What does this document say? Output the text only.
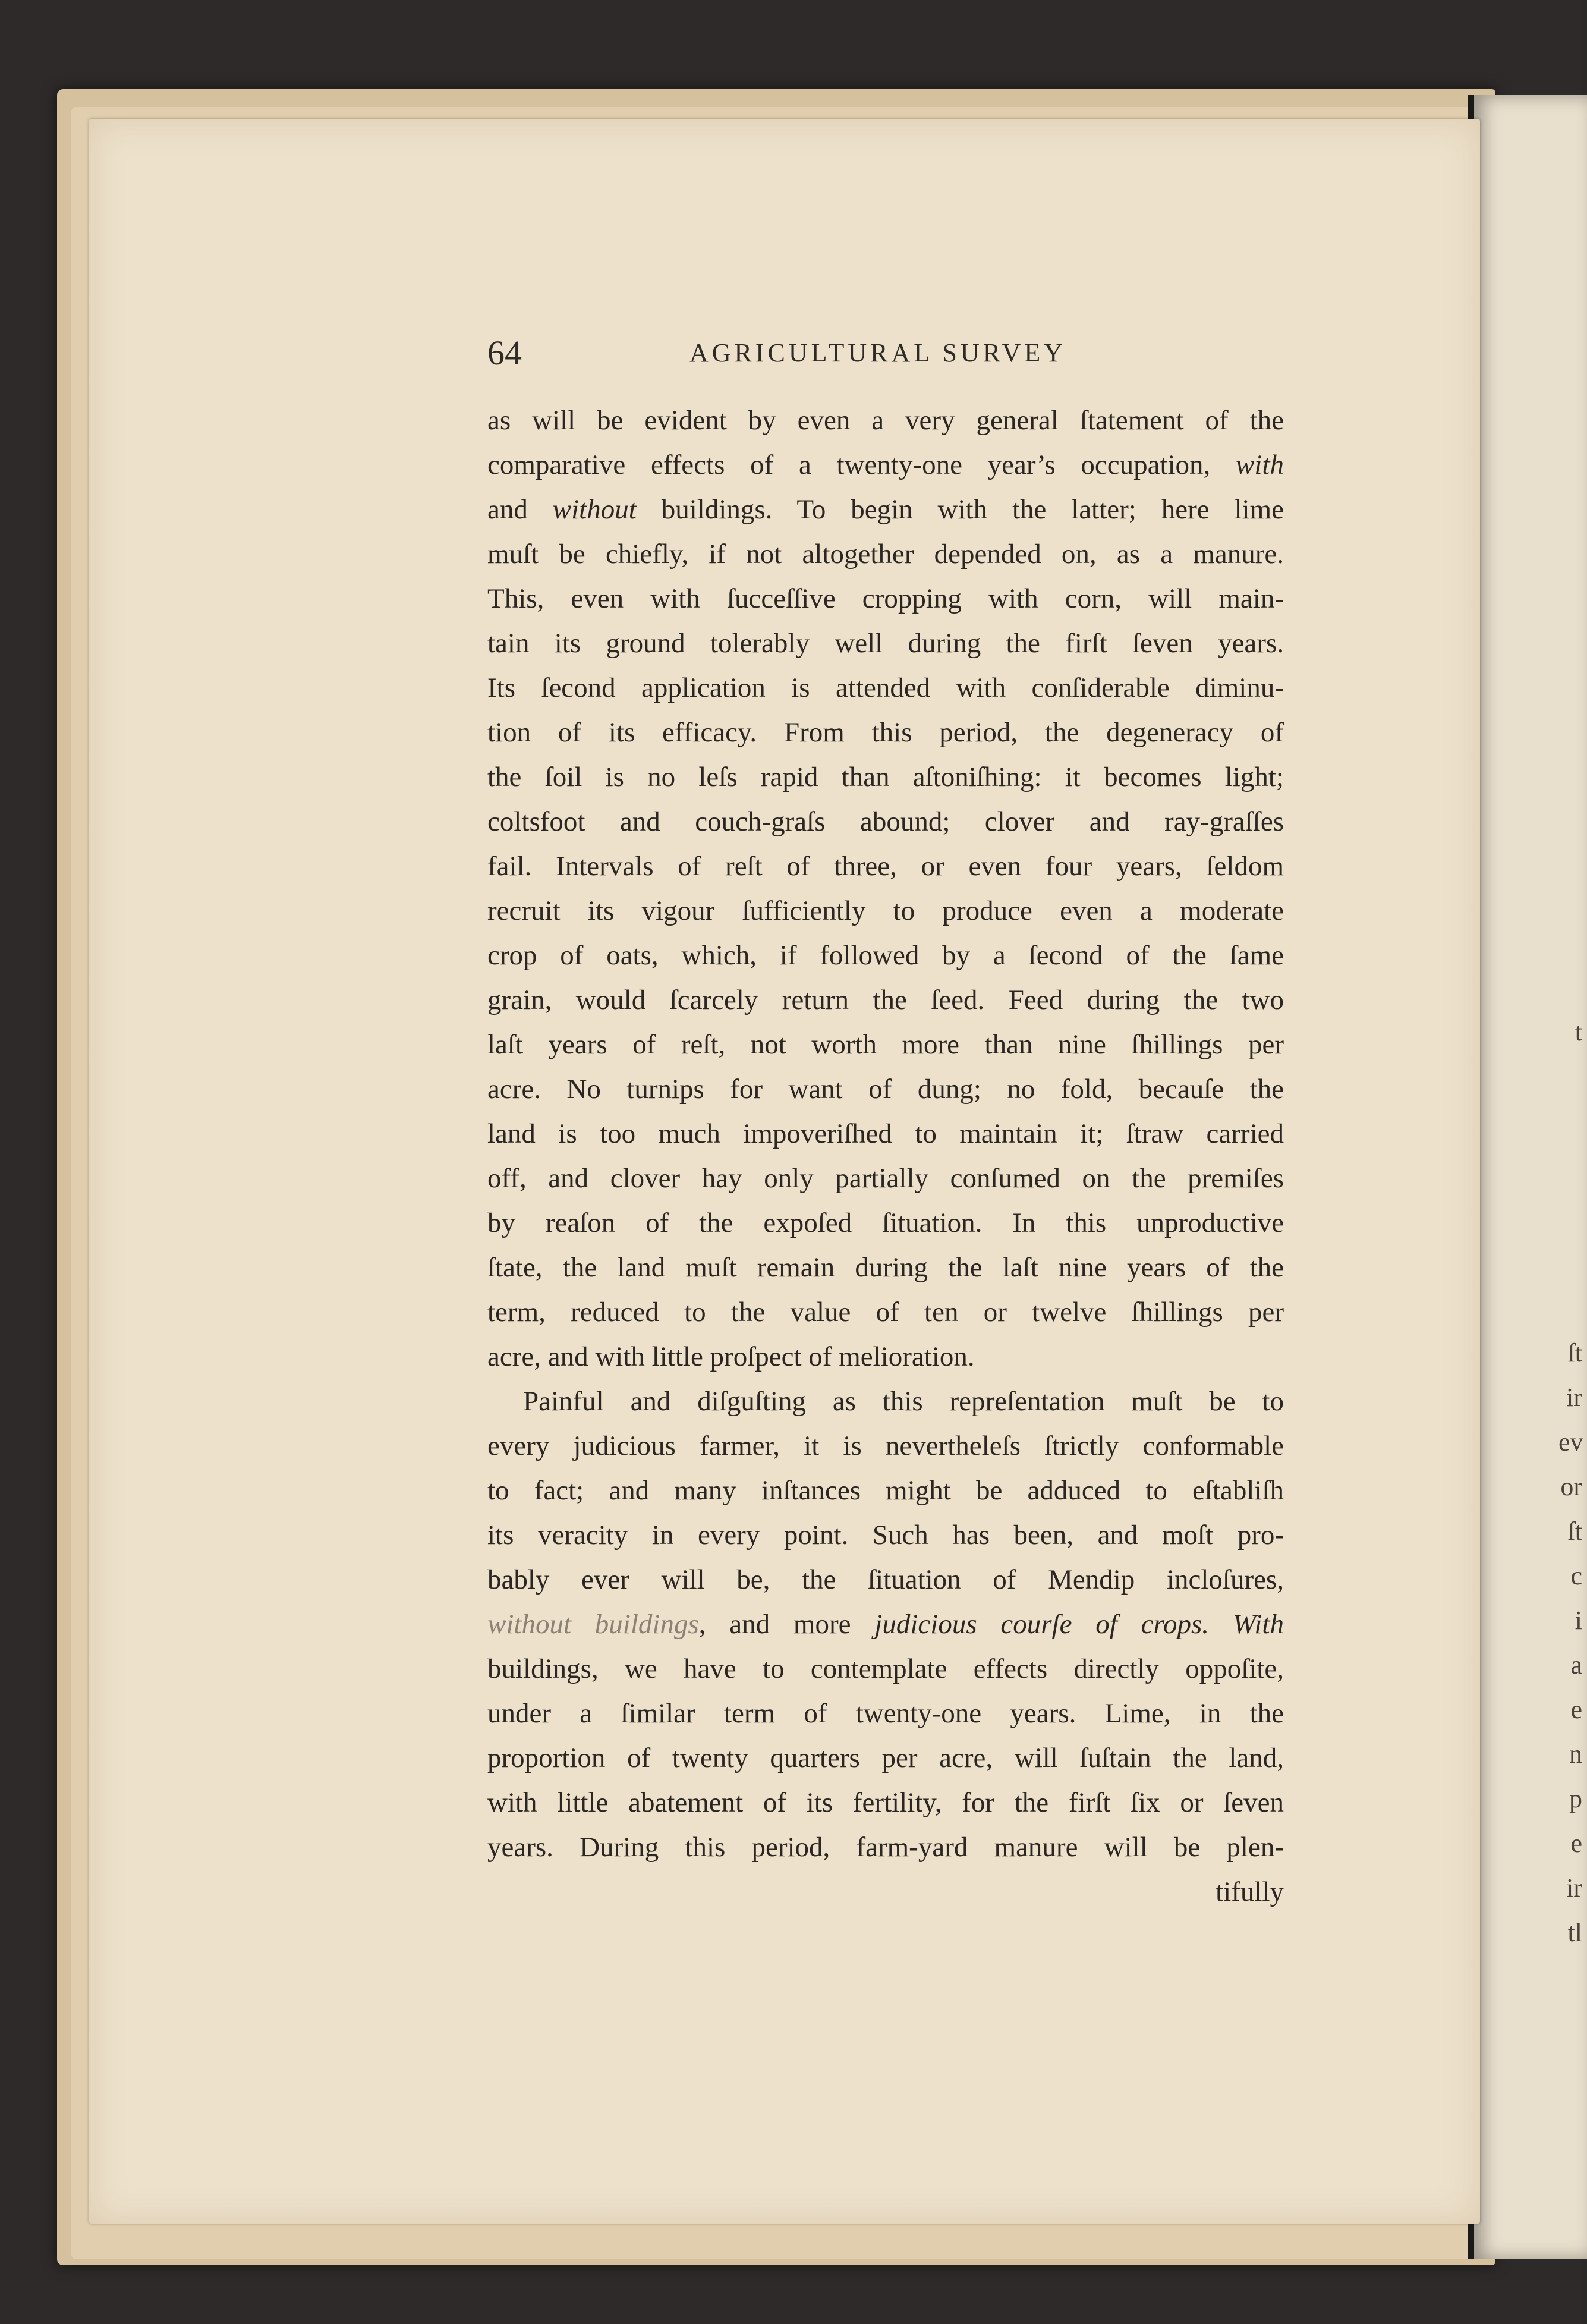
t
ſt
ir
ev
or
ſt
c
i
a
e
n
p
e
ir
tl
64	AGRICULTURAL SURVEY
as will be evident by even a very general ſtatement of the
comparative effects of a twenty-one year’s occupation, with
and without buildings. To begin with the latter; here lime
muſt be chiefly, if not altogether depended on, as a manure.
This, even with ſucceſſive cropping with corn, will main-
tain its ground tolerably well during the firſt ſeven years.
Its ſecond application is attended with conſiderable diminu-
tion of its efficacy. From this period, the degeneracy of
the ſoil is no leſs rapid than aſtoniſhing: it becomes light;
coltsfoot and couch-graſs abound; clover and ray-graſſes
fail. Intervals of reſt of three, or even four years, ſeldom
recruit its vigour ſufficiently to produce even a moderate
crop of oats, which, if followed by a ſecond of the ſame
grain, would ſcarcely return the ſeed. Feed during the two
laſt years of reſt, not worth more than nine ſhillings per
acre. No turnips for want of dung; no fold, becauſe the
land is too much impoveriſhed to maintain it; ſtraw carried
off, and clover hay only partially conſumed on the premiſes
by reaſon of the expoſed ſituation. In this unproductive
ſtate, the land muſt remain during the laſt nine years of the
term, reduced to the value of ten or twelve ſhillings per
acre, and with little proſpect of melioration.
Painful and diſguſting as this repreſentation muſt be to
every judicious farmer, it is neverthelеſs ſtrictly conformable
to fact; and many inſtances might be adduced to eſtabliſh
its veracity in every point. Such has been, and moſt pro-
bably ever will be, the ſituation of Mendip incloſures,
without buildings, and more judicious courſe of crops. With
buildings, we have to contemplate effects directly oppoſite,
under a ſimilar term of twenty-one years. Lime, in the
proportion of twenty quarters per acre, will ſuſtain the land,
with little abatement of its fertility, for the firſt ſix or ſeven
years. During this period, farm-yard manure will be plen-
tifully
